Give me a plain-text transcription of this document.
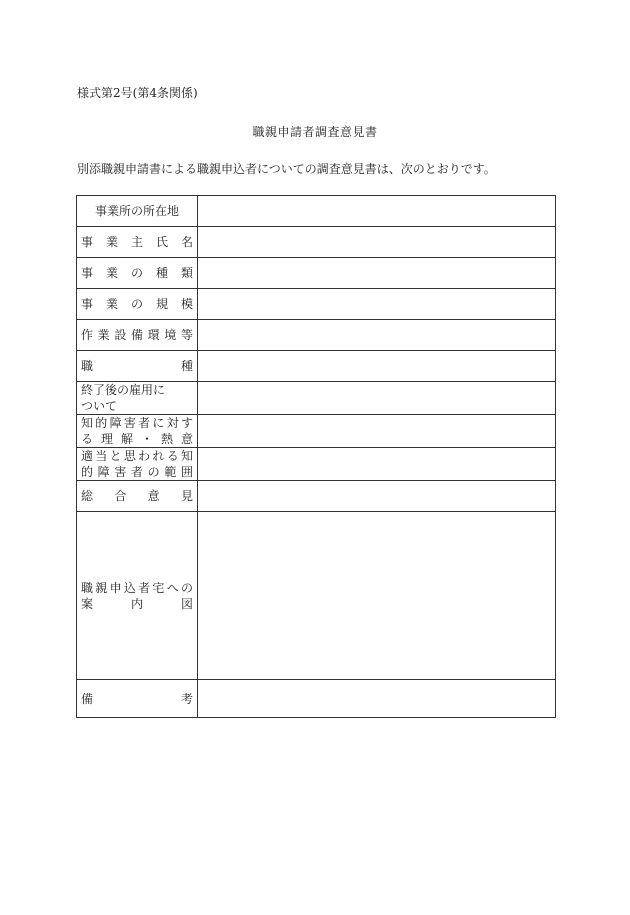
様式第2号(第4条関係)
職親申請者調査意見書
別添職親申請書による職親申込者についての調査意見書は、次のとおりです。
事業所の所在地	

事 業 主 氏 名	

事 業 の 種 類	

事 業 の 規 模	

作業設備環境等	

職 種	

終了後の雇用に
ついて	

知的障害者に対す
る 理 解 ・ 熱 意	

適当と思われる知
的障害者の範囲	

総 合 意 見	

職親申込者宅への
案 内 図	

備 考	
